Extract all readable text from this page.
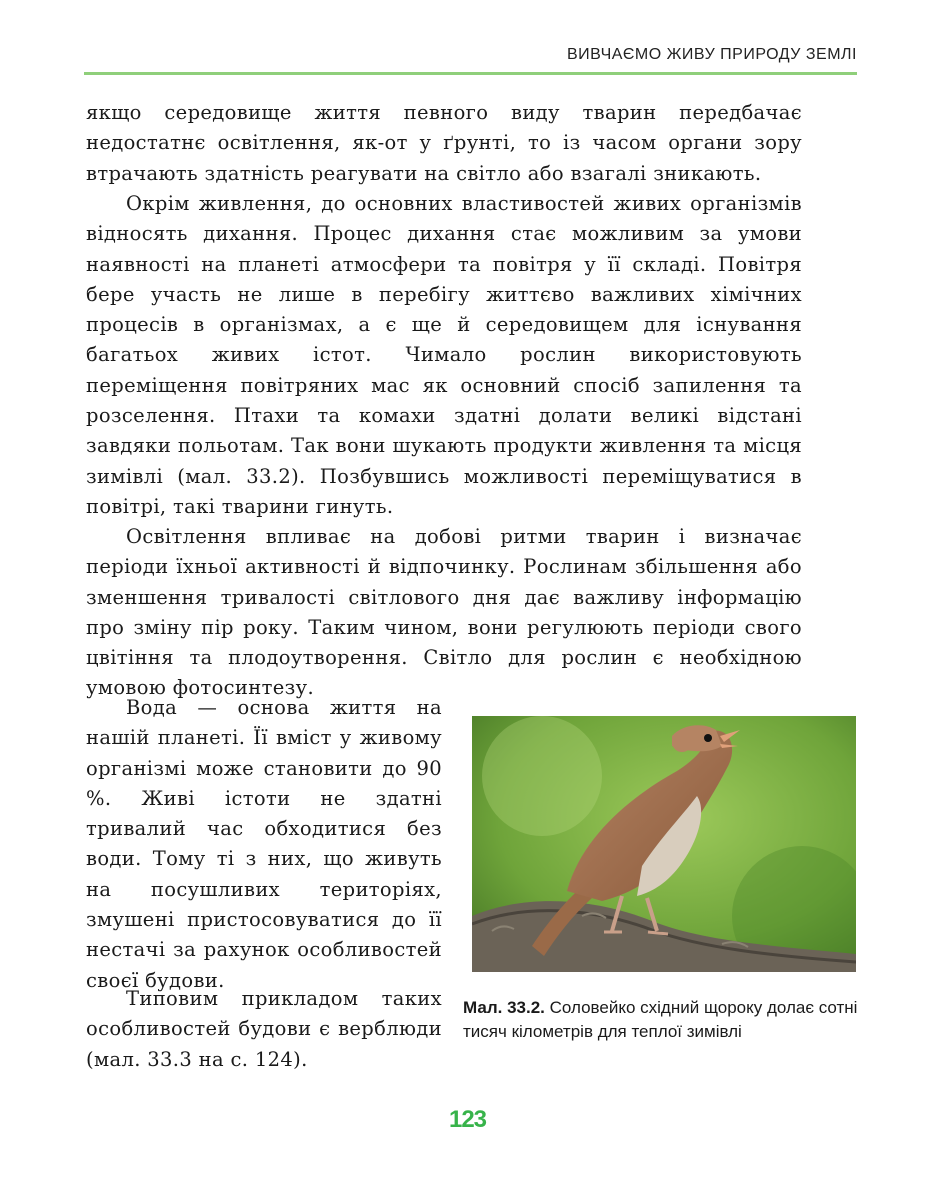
ВИВЧАЄМО ЖИВУ ПРИРОДУ ЗЕМЛІ

якщо середовище життя певного виду тварин передбачає недостатнє освітлення, як-от у ґрунті, то із часом органи зору втрачають здатність реагувати на світло або взагалі зникають.

Окрім живлення, до основних властивостей живих організмів відносять дихання. Процес дихання стає можливим за умови наявності на планеті атмосфери та повітря у її складі. Повітря бере участь не лише в перебігу життєво важливих хімічних процесів в організмах, а є ще й середовищем для існування багатьох живих істот. Чимало рослин використовують переміщення повітряних мас як основний спосіб запилення та розселення. Птахи та комахи здатні долати великі відстані завдяки польотам. Так вони шукають продукти живлення та місця зимівлі (мал. 33.2). Позбувшись можливості переміщуватися в повітрі, такі тварини гинуть.

Освітлення впливає на добові ритми тварин і визначає періоди їхньої активності й відпочинку. Рослинам збільшення або зменшення тривалості світлового дня дає важливу інформацію про зміну пір року. Таким чином, вони регулюють періоди свого цвітіння та плодоутворення. Світло для рослин є необхідною умовою фотосинтезу.

Вода — основа життя на нашій планеті. Її вміст у живому організмі може становити до 90 %. Живі істоти не здатні тривалий час обходитися без води. Тому ті з них, що живуть на посушливих територіях, змушені пристосовуватися до її нестачі за рахунок особливостей своєї будови.

Типовим прикладом таких особливостей будови є верблюди (мал. 33.3 на с. 124).

Мал. 33.2. Соловейко східний щороку долає сотні тисяч кілометрів для теплої зимівлі

123
